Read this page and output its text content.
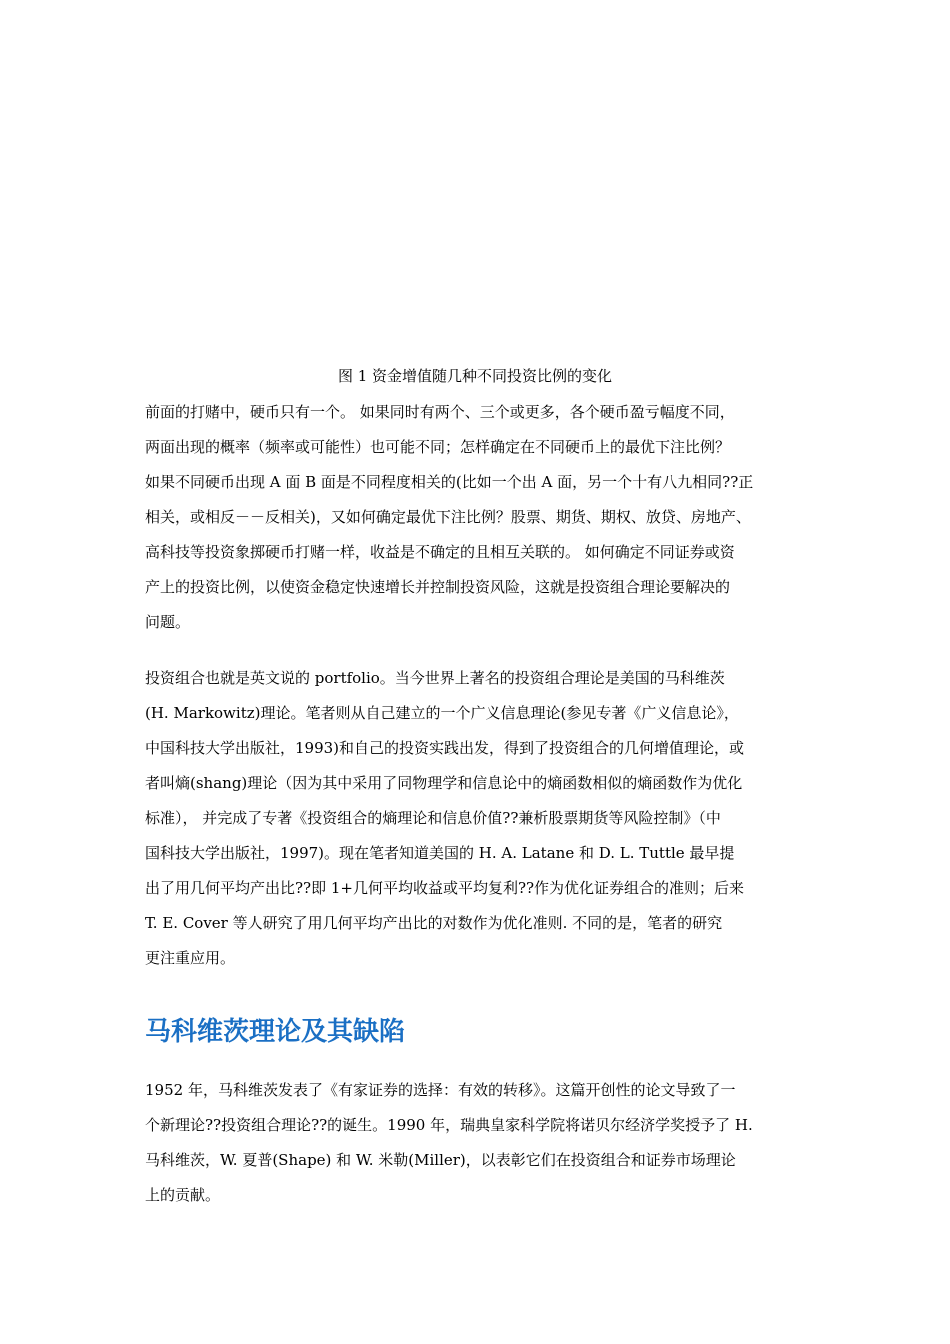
图 1 资金增值随几种不同投资比例的变化

前面的打赌中，硬币只有一个。 如果同时有两个、三个或更多，各个硬币盈亏幅度不同，
两面出现的概率（频率或可能性）也可能不同；怎样确定在不同硬币上的最优下注比例？
如果不同硬币出现 A 面 B 面是不同程度相关的(比如一个出 A 面，另一个十有八九相同??正
相关，或相反－－反相关)，又如何确定最优下注比例？股票、期货、期权、放贷、房地产、
高科技等投资象掷硬币打赌一样，收益是不确定的且相互关联的。 如何确定不同证券或资
产上的投资比例，以使资金稳定快速增长并控制投资风险，这就是投资组合理论要解决的
问题。

投资组合也就是英文说的 portfolio。当今世界上著名的投资组合理论是美国的马科维茨
(H. Markowitz)理论。笔者则从自己建立的一个广义信息理论(参见专著《广义信息论》，
中国科技大学出版社，1993)和自己的投资实践出发，得到了投资组合的几何增值理论，或
者叫熵(shang)理论（因为其中采用了同物理学和信息论中的熵函数相似的熵函数作为优化
标准）， 并完成了专著《投资组合的熵理论和信息价值??兼析股票期货等风险控制》（中
国科技大学出版社，1997)。现在笔者知道美国的 H. A. Latane 和 D. L. Tuttle 最早提
出了用几何平均产出比??即 1+几何平均收益或平均复利??作为优化证券组合的准则；后来
T. E. Cover 等人研究了用几何平均产出比的对数作为优化准则. 不同的是，笔者的研究
更注重应用。

马科维茨理论及其缺陷

1952 年，马科维茨发表了《有家证券的选择：有效的转移》。这篇开创性的论文导致了一
个新理论??投资组合理论??的诞生。1990 年，瑞典皇家科学院将诺贝尔经济学奖授予了 H.
马科维茨，W. 夏普(Shape) 和 W. 米勒(Miller)，以表彰它们在投资组合和证券市场理论
上的贡献。
